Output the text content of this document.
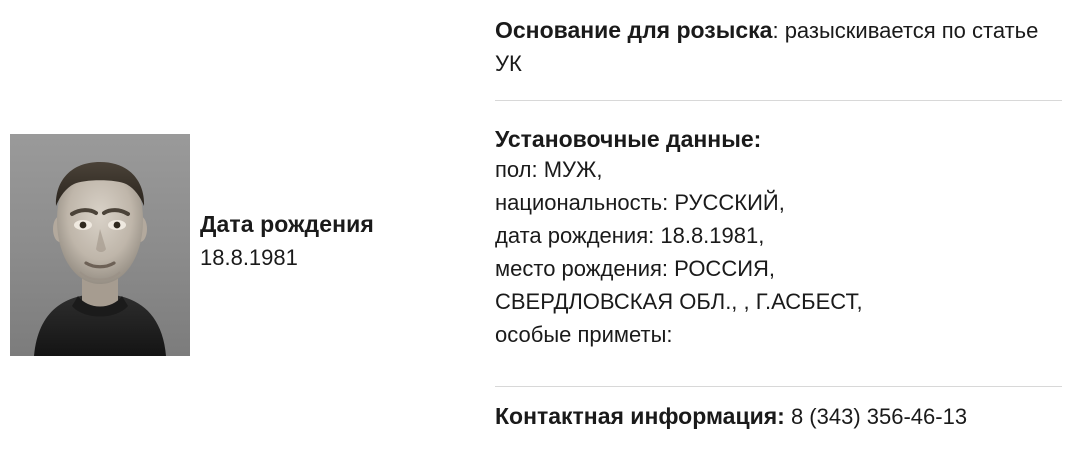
Дата рождения
18.8.1981
Основание для розыска: разыскивается по статье УК
Установочные данные:
пол: МУЖ,
национальность: РУССКИЙ,
дата рождения: 18.8.1981,
место рождения: РОССИЯ,
СВЕРДЛОВСКАЯ ОБЛ., , Г.АСБЕСТ,
особые приметы:
Контактная информация: 8 (343) 356-46-13
